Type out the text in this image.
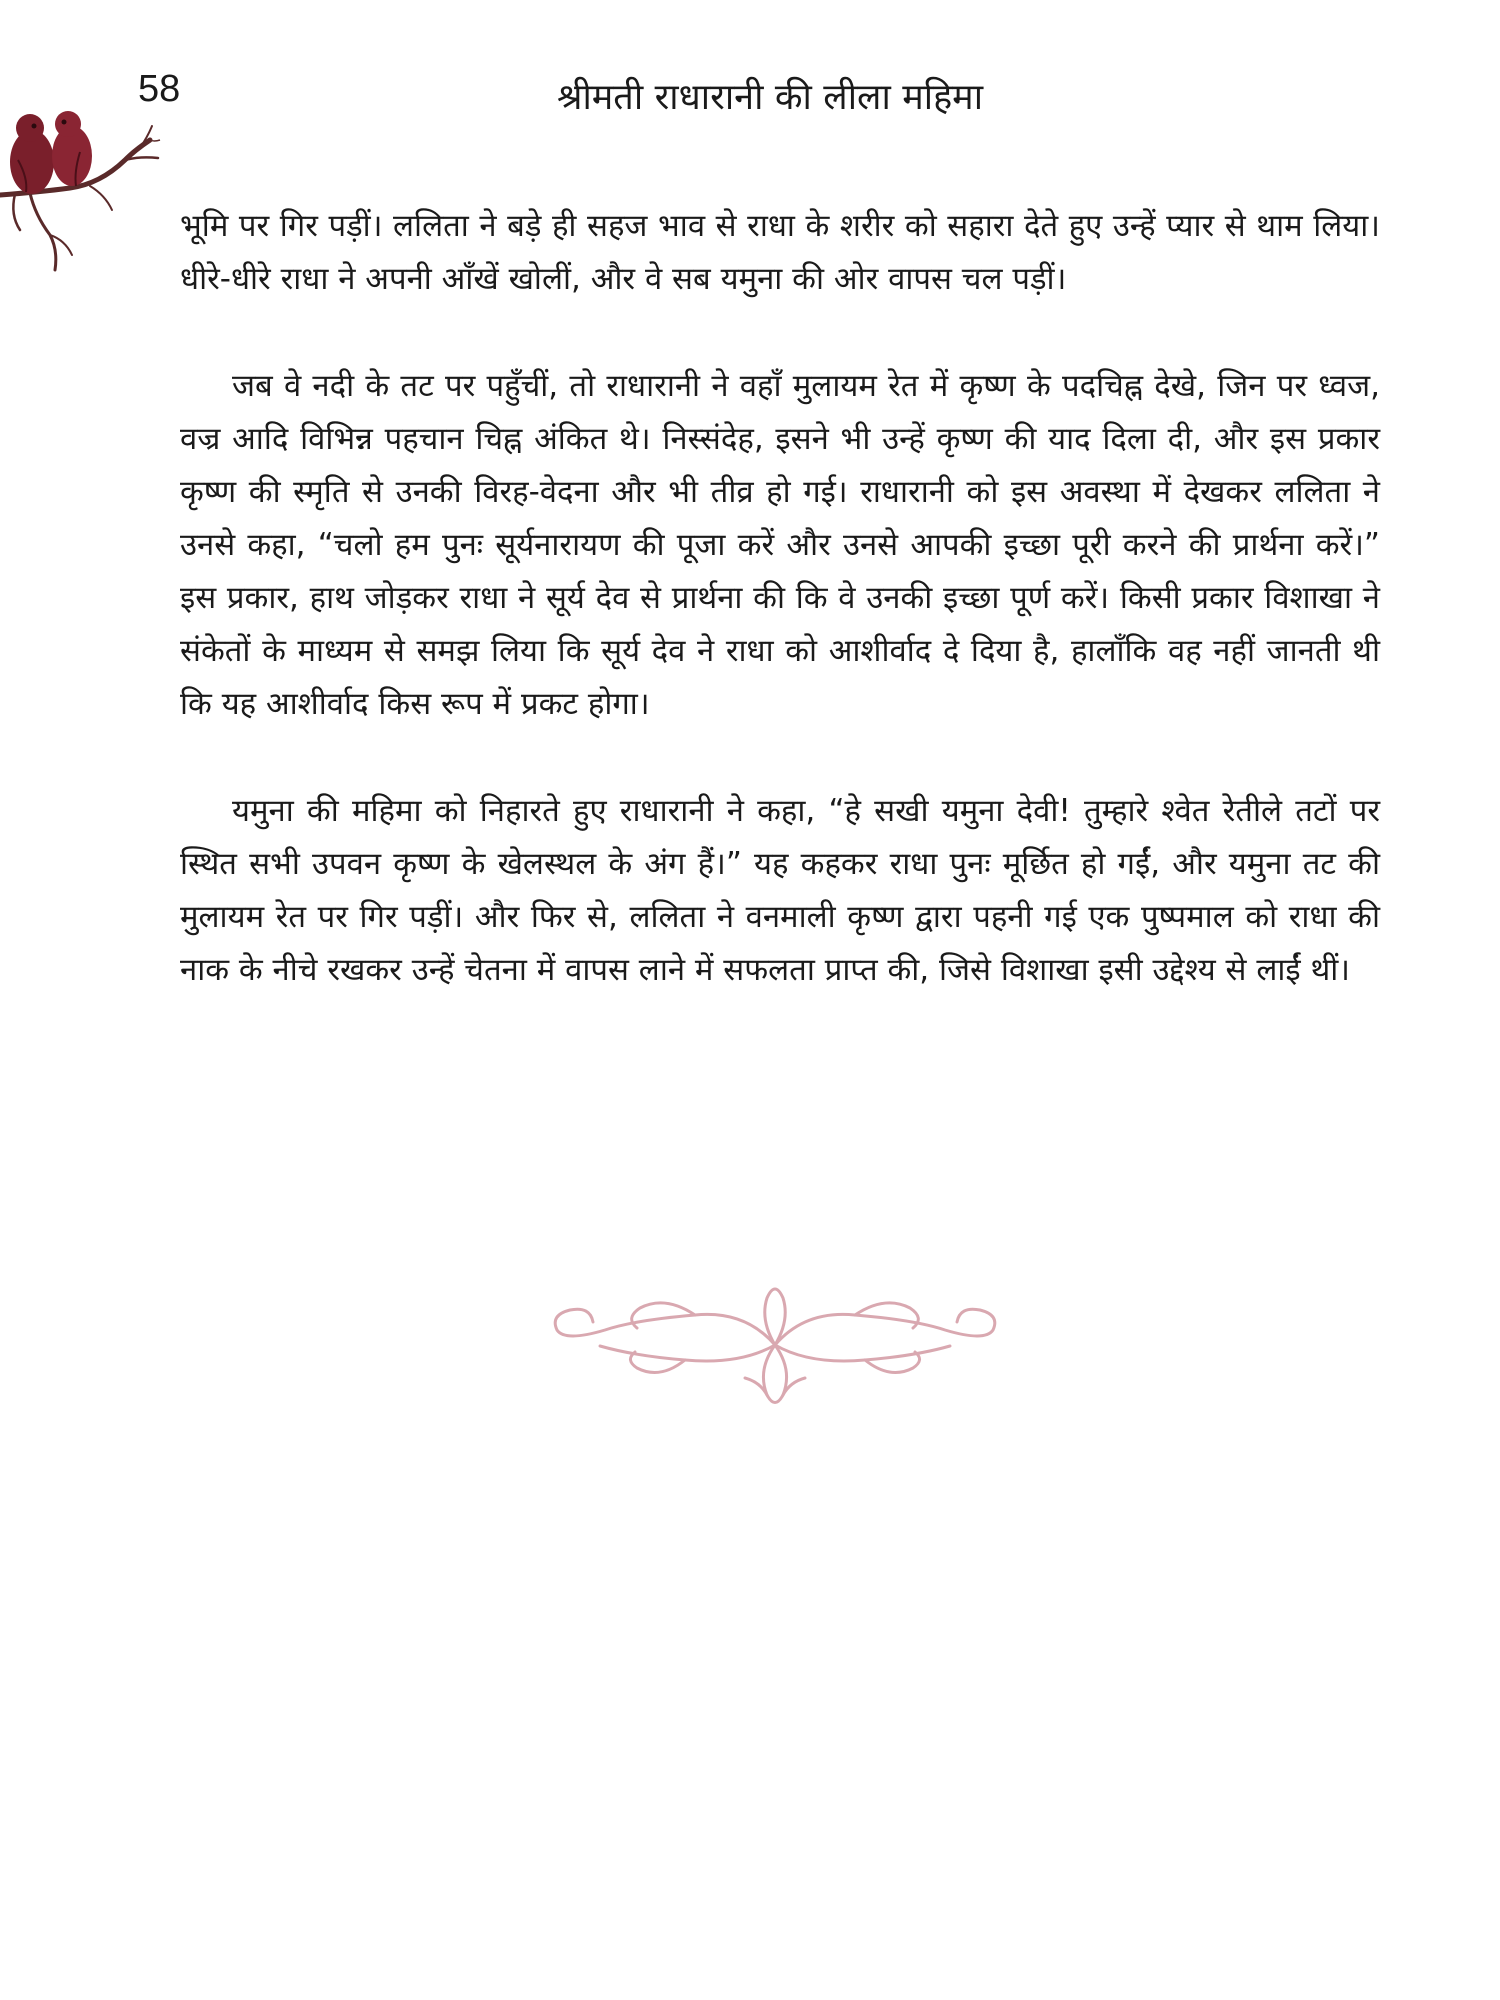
58	श्रीमती राधारानी की लीला महिमा

भूमि पर गिर पड़ीं। ललिता ने बड़े ही सहज भाव से राधा के शरीर को सहारा देते हुए उन्हें प्यार से थाम लिया। धीरे-धीरे राधा ने अपनी आँखें खोलीं, और वे सब यमुना की ओर वापस चल पड़ीं।

जब वे नदी के तट पर पहुँचीं, तो राधारानी ने वहाँ मुलायम रेत में कृष्ण के पदचिह्न देखे, जिन पर ध्वज, वज्र आदि विभिन्न पहचान चिह्न अंकित थे। निस्संदेह, इसने भी उन्हें कृष्ण की याद दिला दी, और इस प्रकार कृष्ण की स्मृति से उनकी विरह-वेदना और भी तीव्र हो गई। राधारानी को इस अवस्था में देखकर ललिता ने उनसे कहा, “चलो हम पुनः सूर्यनारायण की पूजा करें और उनसे आपकी इच्छा पूरी करने की प्रार्थना करें।” इस प्रकार, हाथ जोड़कर राधा ने सूर्य देव से प्रार्थना की कि वे उनकी इच्छा पूर्ण करें। किसी प्रकार विशाखा ने संकेतों के माध्यम से समझ लिया कि सूर्य देव ने राधा को आशीर्वाद दे दिया है, हालाँकि वह नहीं जानती थी कि यह आशीर्वाद किस रूप में प्रकट होगा।

यमुना की महिमा को निहारते हुए राधारानी ने कहा, “हे सखी यमुना देवी! तुम्हारे श्वेत रेतीले तटों पर स्थित सभी उपवन कृष्ण के खेलस्थल के अंग हैं।” यह कहकर राधा पुनः मूर्छित हो गईं, और यमुना तट की मुलायम रेत पर गिर पड़ीं। और फिर से, ललिता ने वनमाली कृष्ण द्वारा पहनी गई एक पुष्पमाल को राधा की नाक के नीचे रखकर उन्हें चेतना में वापस लाने में सफलता प्राप्त की, जिसे विशाखा इसी उद्देश्य से लाईं थीं।
